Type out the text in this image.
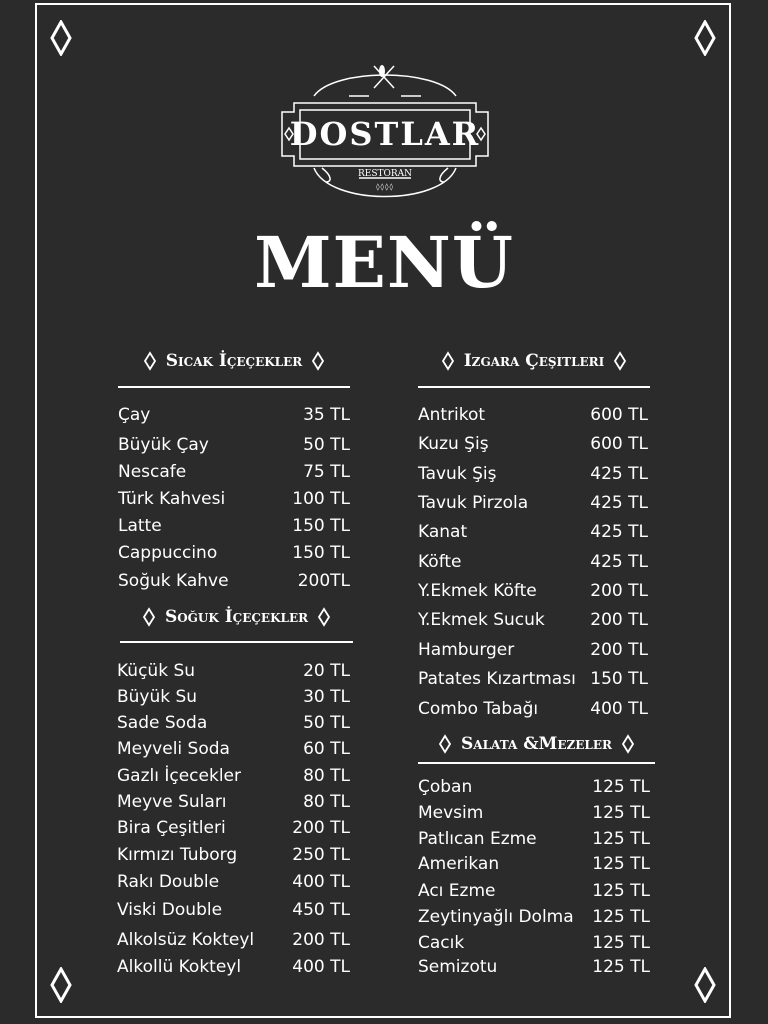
DOSTLAR
RESTORAN
◊◊◊◊
MENÜ
Sıcak İçeçekler
Çay	35 TL
Büyük Çay	50 TL
Nescafe	75 TL
Türk Kahvesi	100 TL
Latte	150 TL
Cappuccino	150 TL
Soğuk Kahve	200TL
Soğuk İçeçekler
Küçük Su	20 TL
Büyük Su	30 TL
Sade Soda	50 TL
Meyveli Soda	60 TL
Gazlı İçecekler	80 TL
Meyve Suları	80 TL
Bira Çeşitleri	200 TL
Kırmızı Tuborg	250 TL
Rakı Double	400 TL
Viski Double	450 TL
Alkolsüz Kokteyl 200 TL
Alkollü Kokteyl	400 TL
Izgara Çeşitleri
Antrikot	600 TL
Kuzu Şiş	600 TL
Tavuk Şiş	425 TL
Tavuk Pirzola	425 TL
Kanat	425 TL
Köfte	425 TL
Y.Ekmek Köfte	200 TL
Y.Ekmek Sucuk	200 TL
Hamburger	200 TL
Patates Kızartması 150 TL
Combo Tabağı	400 TL
Salata &Mezeler
Çoban	125 TL
Mevsim	125 TL
Patlıcan Ezme	125 TL
Amerikan	125 TL
Acı Ezme	125 TL
Zeytinyağlı Dolma 125 TL
Cacık	125 TL
Semizotu	125 TL
